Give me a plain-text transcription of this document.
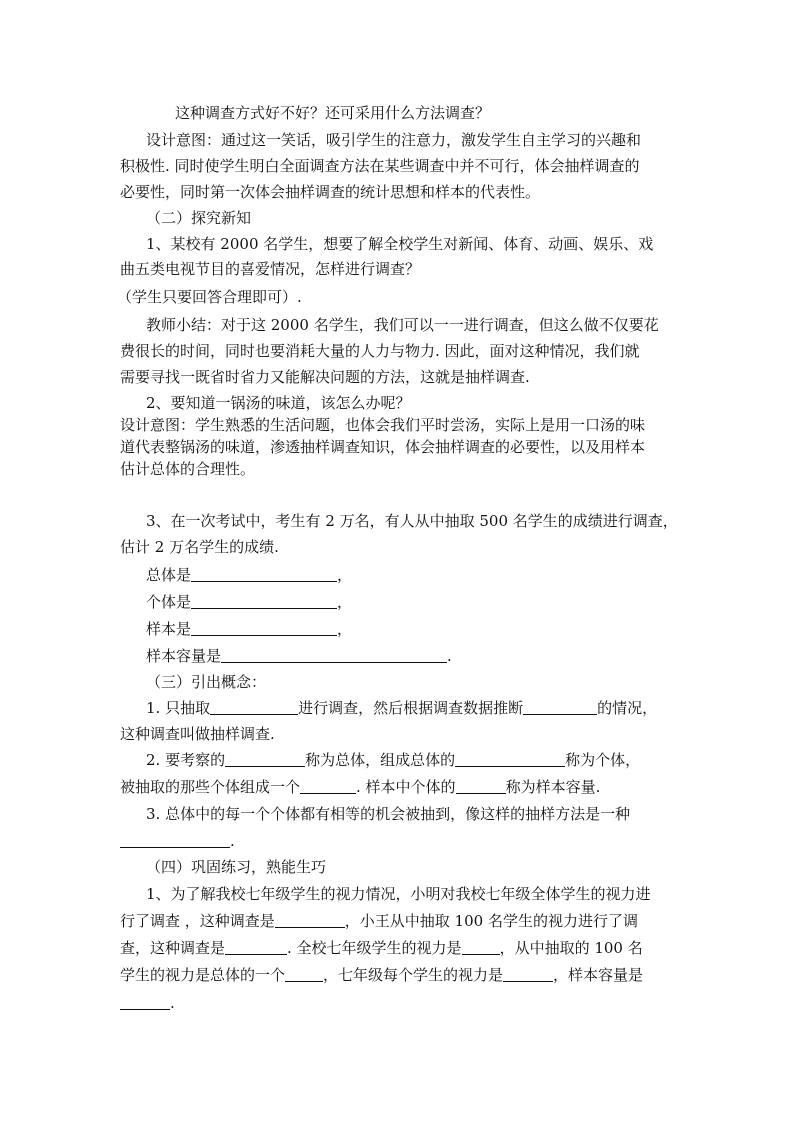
这种调查方式好不好？还可采用什么方法调查？
设计意图：通过这一笑话，吸引学生的注意力，激发学生自主学习的兴趣和
积极性. 同时使学生明白全面调查方法在某些调查中并不可行，体会抽样调查的
必要性，同时第一次体会抽样调查的统计思想和样本的代表性。
（二）探究新知
1、某校有 2000 名学生，想要了解全校学生对新闻、体育、动画、娱乐、戏
曲五类电视节目的喜爱情况，怎样进行调查？
（学生只要回答合理即可）.
教师小结：对于这 2000 名学生，我们可以一一进行调查，但这么做不仅要花
费很长的时间，同时也要消耗大量的人力与物力. 因此，面对这种情况，我们就
需要寻找一既省时省力又能解决问题的方法，这就是抽样调查.
2、要知道一锅汤的味道，该怎么办呢？
设计意图：学生熟悉的生活问题，也体会我们平时尝汤，实际上是用一口汤的味
道代表整锅汤的味道，渗透抽样调查知识，体会抽样调查的必要性，以及用样本
估计总体的合理性。
3、在一次考试中，考生有 2 万名，有人从中抽取 500 名学生的成绩进行调查，
估计 2 万名学生的成绩.
总体是	，
个体是	，
样本是	，
样本容量是	.
（三）引出概念：
1. 只抽取	进行调查，然后根据调查数据推断	的情况，
这种调查叫做抽样调查.
2. 要考察的	称为总体，组成总体的	称为个体，
被抽取的那些个体组成一个	. 样本中个体的	称为样本容量.
3. 总体中的每一个个体都有相等的机会被抽到，像这样的抽样方法是一种
.
（四）巩固练习，熟能生巧
1、为了解我校七年级学生的视力情况，小明对我校七年级全体学生的视力进
行了调查 ，这种调查是	，小王从中抽取 100 名学生的视力进行了调
查，这种调查是	. 全校七年级学生的视力是	，从中抽取的 100 名
学生的视力是总体的一个	，七年级每个学生的视力是	，样本容量是
.
